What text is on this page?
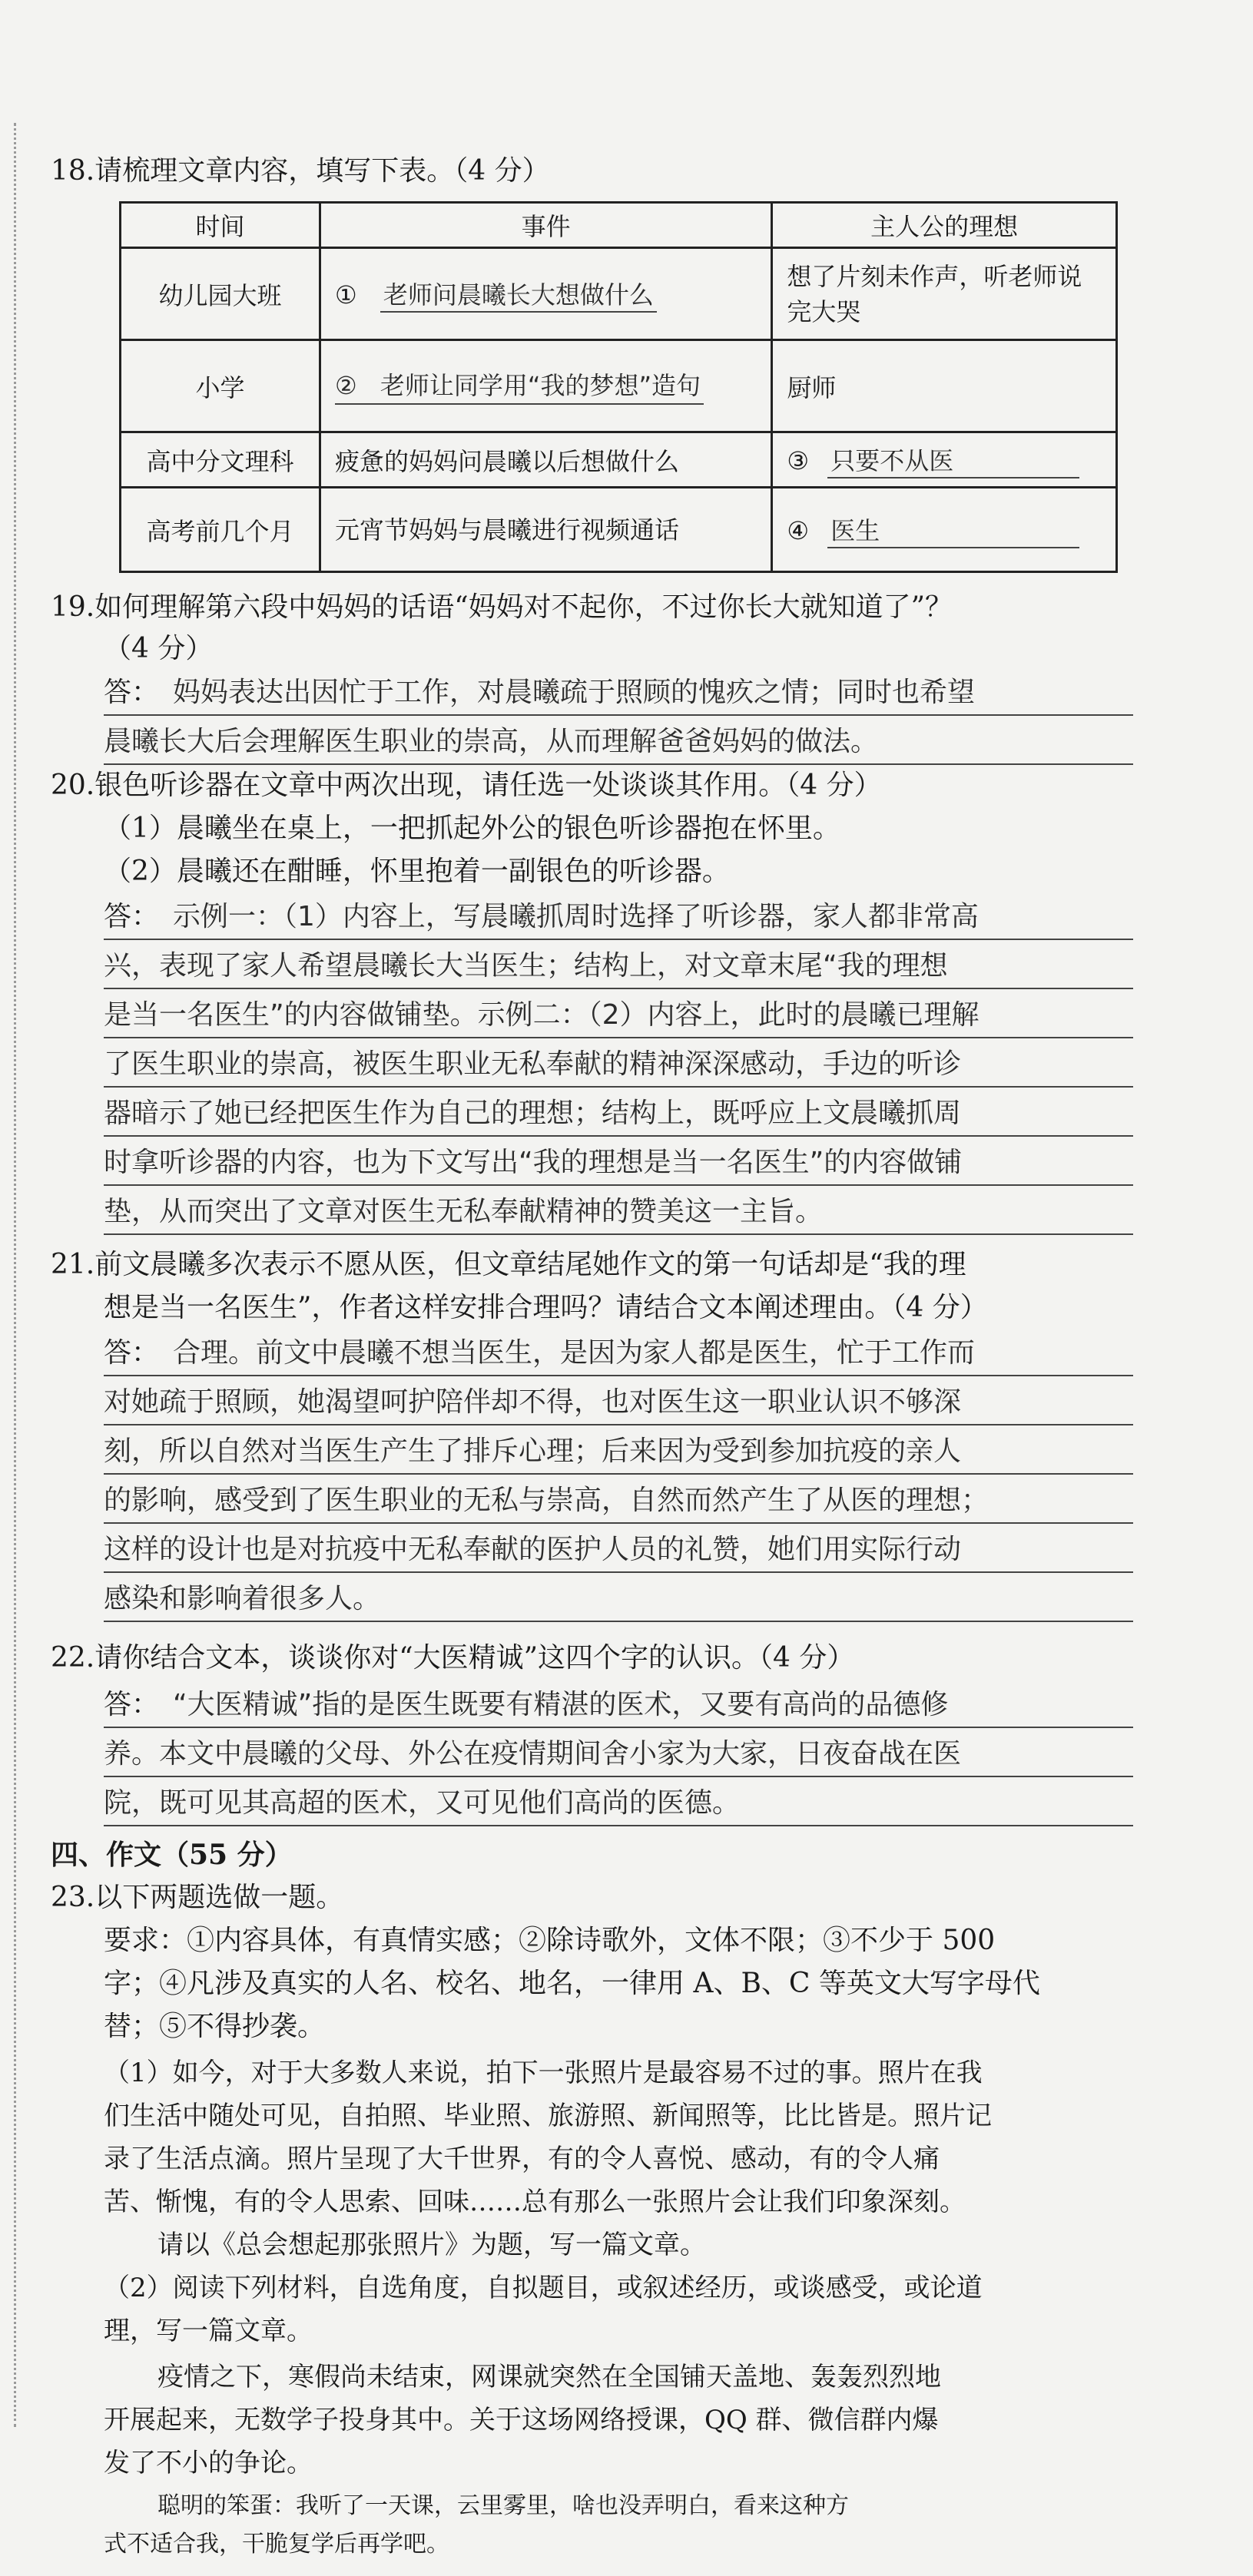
18.请梳理文章内容，填写下表。（4 分）
时间	事件	主人公的理想
幼儿园大班	① 老师问晨曦长大想做什么	想了片刻未作声，听老师说完大哭
小学	② 老师让同学用“我的梦想”造句	厨师
高中分文理科	疲惫的妈妈问晨曦以后想做什么	③ 只要不从医
高考前几个月	元宵节妈妈与晨曦进行视频通话	④ 医生
19.如何理解第六段中妈妈的话语“妈妈对不起你，不过你长大就知道了”？
（4 分）
答： 妈妈表达出因忙于工作，对晨曦疏于照顾的愧疚之情；同时也希望
晨曦长大后会理解医生职业的崇高，从而理解爸爸妈妈的做法。
20.银色听诊器在文章中两次出现，请任选一处谈谈其作用。（4 分）
（1）晨曦坐在桌上，一把抓起外公的银色听诊器抱在怀里。
（2）晨曦还在酣睡，怀里抱着一副银色的听诊器。
答： 示例一：（1）内容上，写晨曦抓周时选择了听诊器，家人都非常高
兴，表现了家人希望晨曦长大当医生；结构上，对文章末尾“我的理想
是当一名医生”的内容做铺垫。示例二：（2）内容上，此时的晨曦已理解
了医生职业的崇高，被医生职业无私奉献的精神深深感动，手边的听诊
器暗示了她已经把医生作为自己的理想；结构上，既呼应上文晨曦抓周
时拿听诊器的内容，也为下文写出“我的理想是当一名医生”的内容做铺
垫，从而突出了文章对医生无私奉献精神的赞美这一主旨。
21.前文晨曦多次表示不愿从医，但文章结尾她作文的第一句话却是“我的理
想是当一名医生”，作者这样安排合理吗？请结合文本阐述理由。（4 分）
答： 合理。前文中晨曦不想当医生，是因为家人都是医生，忙于工作而
对她疏于照顾，她渴望呵护陪伴却不得，也对医生这一职业认识不够深
刻，所以自然对当医生产生了排斥心理；后来因为受到参加抗疫的亲人
的影响，感受到了医生职业的无私与崇高，自然而然产生了从医的理想；
这样的设计也是对抗疫中无私奉献的医护人员的礼赞，她们用实际行动
感染和影响着很多人。
22.请你结合文本，谈谈你对“大医精诚”这四个字的认识。（4 分）
答： “大医精诚”指的是医生既要有精湛的医术，又要有高尚的品德修
养。本文中晨曦的父母、外公在疫情期间舍小家为大家，日夜奋战在医
院，既可见其高超的医术，又可见他们高尚的医德。
四、作文（55 分）
23.以下两题选做一题。
要求：①内容具体，有真情实感；②除诗歌外，文体不限；③不少于 500
字；④凡涉及真实的人名、校名、地名，一律用 A、B、C 等英文大写字母代
替；⑤不得抄袭。
（1）如今，对于大多数人来说，拍下一张照片是最容易不过的事。照片在我
们生活中随处可见，自拍照、毕业照、旅游照、新闻照等，比比皆是。照片记
录了生活点滴。照片呈现了大千世界，有的令人喜悦、感动，有的令人痛
苦、惭愧，有的令人思索、回味……总有那么一张照片会让我们印象深刻。
请以《总会想起那张照片》为题，写一篇文章。
（2）阅读下列材料，自选角度，自拟题目，或叙述经历，或谈感受，或论道
理，写一篇文章。
疫情之下，寒假尚未结束，网课就突然在全国铺天盖地、轰轰烈烈地
开展起来，无数学子投身其中。关于这场网络授课，QQ 群、微信群内爆
发了不小的争论。
聪明的笨蛋：我听了一天课，云里雾里，啥也没弄明白，看来这种方
式不适合我，干脆复学后再学吧。
